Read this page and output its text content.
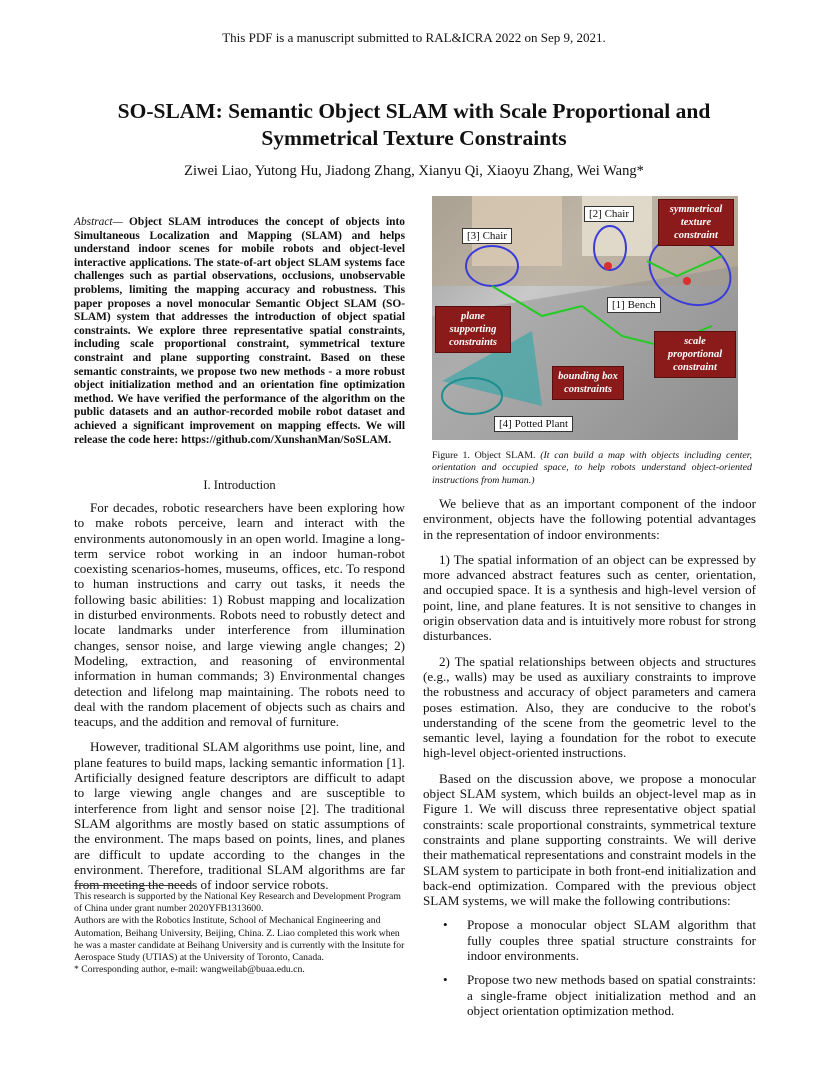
This PDF is a manuscript submitted to RAL&ICRA 2022 on Sep 9, 2021.
SO-SLAM: Semantic Object SLAM with Scale Proportional and
Symmetrical Texture Constraints
Ziwei Liao, Yutong Hu, Jiadong Zhang, Xianyu Qi, Xiaoyu Zhang, Wei Wang*
Abstract— Object SLAM introduces the concept of objects into Simultaneous Localization and Mapping (SLAM) and helps understand indoor scenes for mobile robots and object-level interactive applications. The state-of-art object SLAM systems face challenges such as partial observations, occlusions, unobservable problems, limiting the mapping accuracy and robustness. This paper proposes a novel monocular Semantic Object SLAM (SO-SLAM) system that addresses the introduction of object spatial constraints. We explore three representative spatial constraints, including scale proportional constraint, symmetrical texture constraint and plane supporting constraint. Based on these semantic constraints, we propose two new methods - a more robust object initialization method and an orientation fine optimization method. We have verified the performance of the algorithm on the public datasets and an author-recorded mobile robot dataset and achieved a significant improvement on mapping effects. We will release the code here: https://github.com/XunshanMan/SoSLAM.
I. Introduction

For decades, robotic researchers have been exploring how to make robots perceive, learn and interact with the environments autonomously in an open world. Imagine a long-term service robot working in an indoor human-robot coexisting scenarios-homes, museums, offices, etc. To respond to human instructions and carry out tasks, it needs the following basic abilities: 1) Robust mapping and localization in disturbed environments. Robots need to robustly detect and locate landmarks under interference from illumination changes, sensor noise, and large viewing angle changes; 2) Modeling, extraction, and reasoning of environmental information in human commands; 3) Environmental changes detection and lifelong map maintaining. The robots need to deal with the random placement of objects such as chairs and teacups, and the addition and removal of furniture.

However, traditional SLAM algorithms use point, line, and plane features to build maps, lacking semantic information [1]. Artificially designed feature descriptors are difficult to adapt to large viewing angle changes and are susceptible to interference from light and sensor noise [2]. The traditional SLAM algorithms are mostly based on static assumptions of the environment. The maps based on points, lines, and planes are difficult to update according to the changes in the environment. Therefore, traditional SLAM algorithms are far from meeting the needs of indoor service robots.

This research is supported by the National Key Research and Development Program of China under grant number 2020YFB1313600.
Authors are with the Robotics Institute, School of Mechanical Engineering and Automation, Beihang University, Beijing, China. Z. Liao completed this work when he was a master candidate at Beihang University and is currently with the Insitute for Aerospace Study (UTIAS) at the University of Toronto, Canada.
* Corresponding author, e-mail: wangweilab@buaa.edu.cn.
[2] Chair
[3] Chair
[1] Bench
[4] Potted Plant
symmetrical texture constraint
plane supporting constraints	scale proportional constraint
bounding box constraints
Figure 1. Object SLAM. (It can build a map with objects including center, orientation and occupied space, to help robots understand object-oriented instructions from human.)

We believe that as an important component of the indoor environment, objects have the following potential advantages in the representation of indoor environments:

1) The spatial information of an object can be expressed by more advanced abstract features such as center, orientation, and occupied space. It is a synthesis and high-level version of point, line, and plane features. It is not sensitive to changes in origin observation data and is intuitively more robust for strong disturbances.

2) The spatial relationships between objects and structures (e.g., walls) may be used as auxiliary constraints to improve the robustness and accuracy of object parameters and camera poses estimation. Also, they are conducive to the robot's understanding of the scene from the geometric level to the semantic level, laying a foundation for the robot to execute high-level object-oriented instructions.

Based on the discussion above, we propose a monocular object SLAM system, which builds an object-level map as in Figure 1. We will discuss three representative object spatial constraints: scale proportional constraints, symmetrical texture constraints and plane supporting constraints. We will derive their mathematical representations and constraint models in the SLAM system to participate in both front-end initialization and back-end optimization. Compared with the previous object SLAM systems, we will make the following contributions:

• Propose a monocular object SLAM algorithm that fully couples three spatial structure constraints for indoor environments.
• Propose two new methods based on spatial constraints: a single-frame object initialization method and an object orientation optimization method.
